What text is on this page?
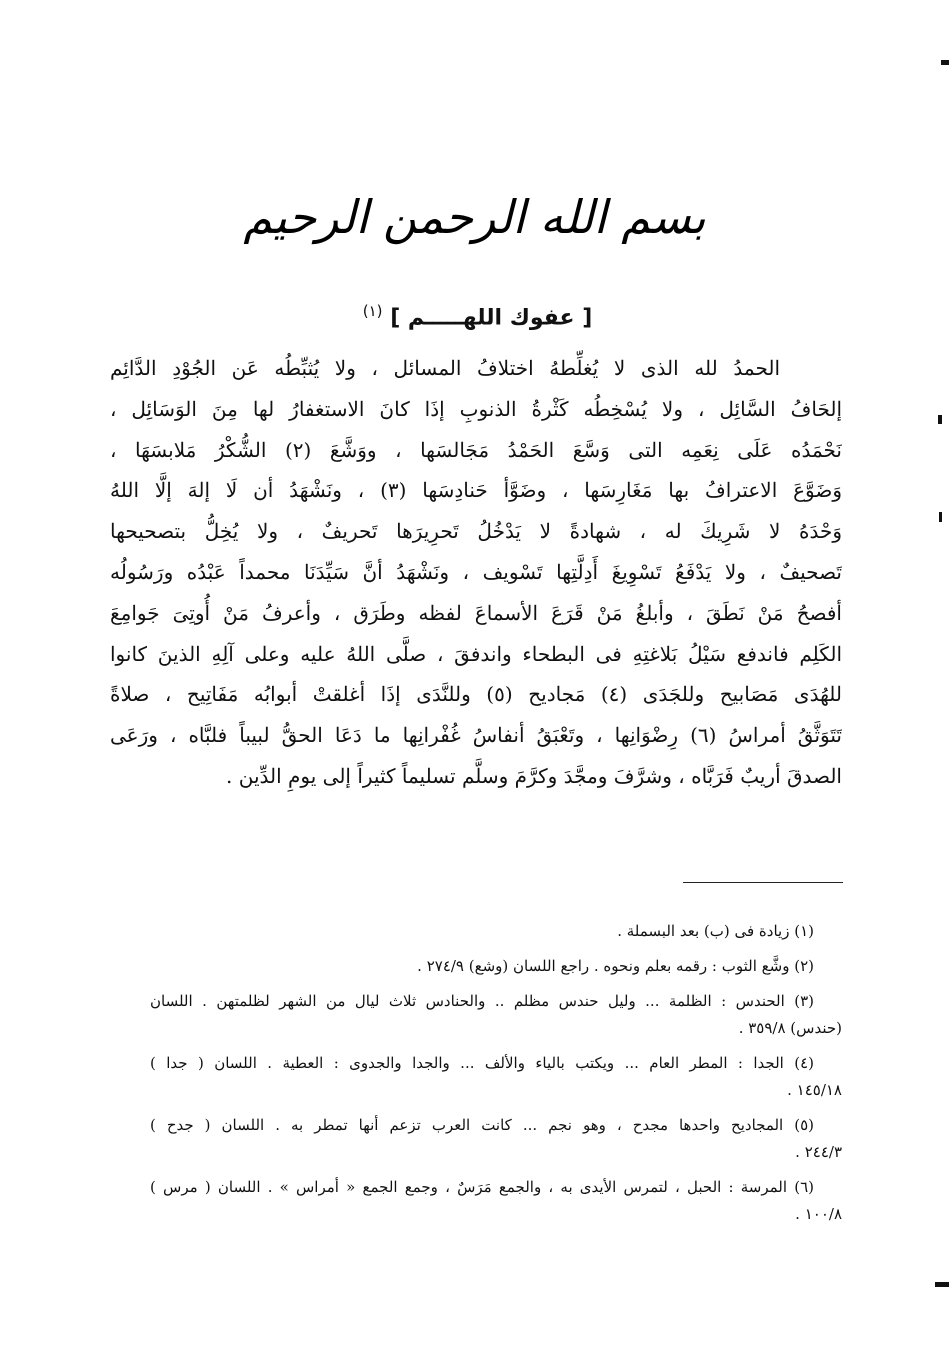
بسم الله الرحمن الرحيم
[ عفوك اللهـــــم ] $^{(١)}$
الحمدُ لله الذى لا يُغلِّطهُ اختلافُ المسائل ، ولا يُثبِّطُه عَن الجُوْدِ الدَّائِم
إلحَافُ السَّائِل ، ولا يُسْخِطُه كَثْرةُ الذنوبِ إذَا كانَ الاستغفارُ لها مِنَ الوَسَائِل ،
نَحْمَدُه عَلَى نِعَمِه التى وَسَّعَ الحَمْدُ مَجَالسَها ، ووَشَّعَ (٢) الشُّكْرُ مَلابسَهَا ،
وَضَوَّعَ الاعترافُ بها مَغَارِسَها ، وضَوَّأ حَنادِسَها (٣) ، ونَشْهَدُ أن لَا إلهَ إلَّا اللهُ
وَحْدَهُ لا شَرِيكَ له ، شهادةً لا يَدْخُلُ تَحرِيرَها تَحريفٌ ، ولا يُخِلُّ بتصحيحها
تَصحيفٌ ، ولا يَدْفَعُ تَسْوِيغَ أَدِلَّتِها تَسْويف ، ونَشْهَدُ أنَّ سَيِّدَنَا محمداً عَبْدُه ورَسُولُه
أفصحُ مَنْ نَطَقَ ، وأبلغُ مَنْ قَرَعَ الأسماعَ لفظه وطَرَق ، وأعرفُ مَنْ أُوتِىَ جَوامِعَ
الكَلِم فاندفع سَيْلُ بَلاغتِهِ فى البطحاء واندفقَ ، صلَّى اللهُ عليه وعلى آلِهِ الذينَ كانوا
للهُدَى مَصَابيح وللجَدَى (٤) مَجاديح (٥) وللنَّدَى إذَا أغلقتْ أبوابُه مَفَاتِيح ، صلاةً
تَتَوَثَّقُ أمراسُ (٦) رِضْوَانِها ، وتَعْبَقُ أنفاسُ غُفْرانِها ما دَعَا الحقُّ لبيباً فلبَّاه ، ورَعَى
الصدقَ أريبٌ فَرَبَّاه ، وشرَّفَ ومجَّدَ وكرَّمَ وسلَّم تسليماً كثيراً إلى يومِ الدِّين .
(١) زيادة فى (ب) بعد البسملة .
(٢) وشَّع الثوب : رقمه بعلم ونحوه . راجع اللسان (وشع) ٢٧٤/٩ .
(٣) الحندس : الظلمة ... وليل حندس مظلم .. والحنادس ثلاث ليال من الشهر لظلمتهن . اللسان
(حندس) ٣٥٩/٨ .
(٤) الجدا : المطر العام ... ويكتب بالياء والألف ... والجدا والجدوى : العطية . اللسان ( جدا )
١٤٥/١٨ .
(٥) المجاديح واحدها مجدح ، وهو نجم ... كانت العرب تزعم أنها تمطر به . اللسان ( جدح )
٢٤٤/٣ .
(٦) المرسة : الحبل ، لتمرس الأيدى به ، والجمع مَرَسٌ ، وجمع الجمع « أمراس » . اللسان ( مرس )
١٠٠/٨ .
